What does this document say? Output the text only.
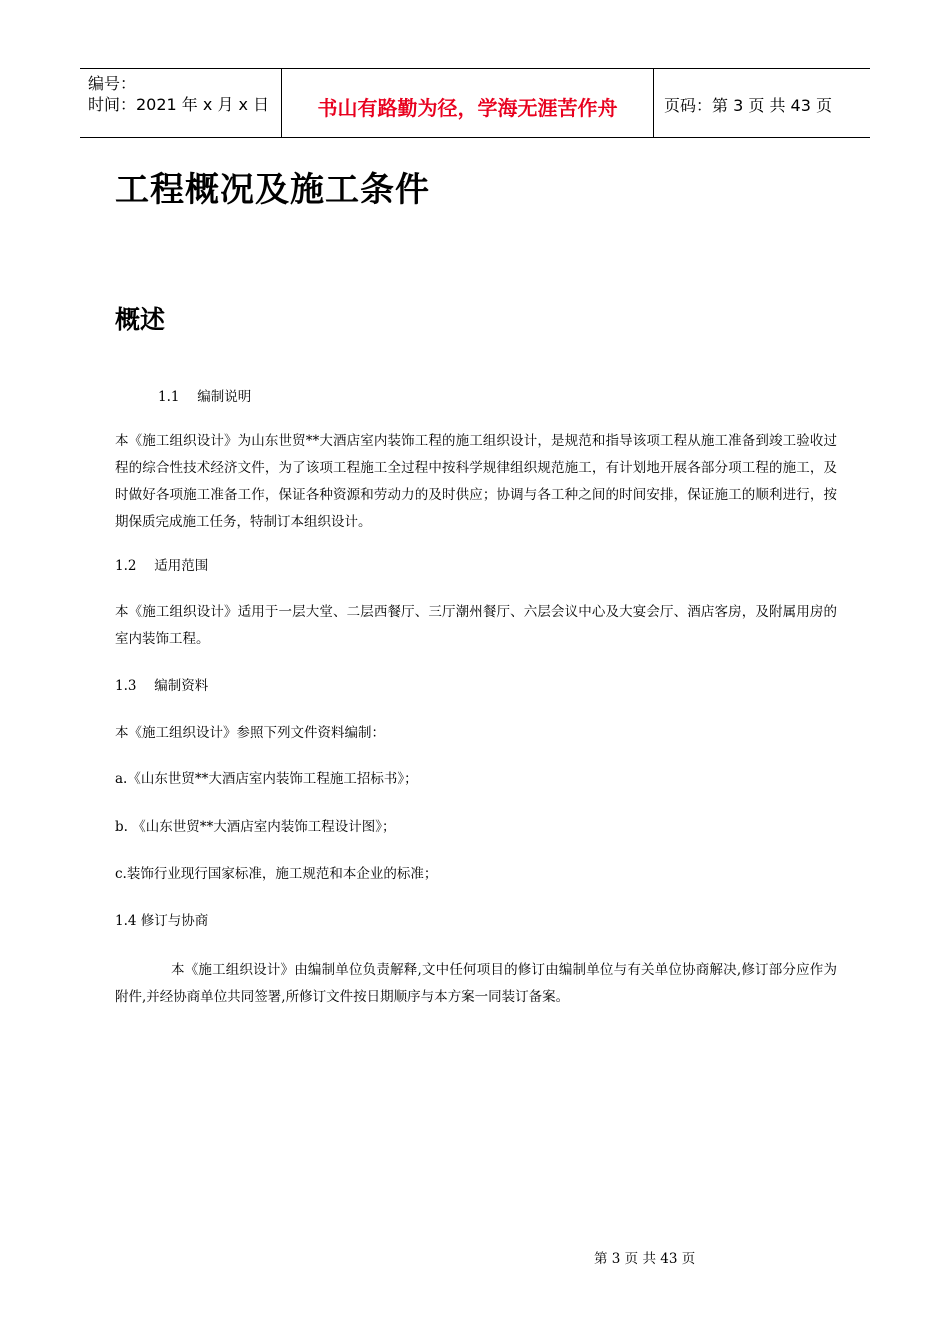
编号：
时间：2021 年 x 月 x 日	书山有路勤为径，学海无涯苦作舟	页码：第 3 页 共 43 页
工程概况及施工条件
概述

1.1　 编制说明

本《施工组织设计》为山东世贸**大酒店室内装饰工程的施工组织设计，是规范和指导该项工程从施工准备到竣工验收过程的综合性技术经济文件，为了该项工程施工全过程中按科学规律组织规范施工，有计划地开展各部分项工程的施工，及时做好各项施工准备工作，保证各种资源和劳动力的及时供应；协调与各工种之间的时间安排，保证施工的顺利进行，按期保质完成施工任务，特制订本组织设计。

1.2　 适用范围

本《施工组织设计》适用于一层大堂、二层西餐厅、三厅潮州餐厅、六层会议中心及大宴会厅、酒店客房，及附属用房的室内装饰工程。

1.3　 编制资料

本《施工组织设计》参照下列文件资料编制：

a.《山东世贸**大酒店室内装饰工程施工招标书》；

b. 《山东世贸**大酒店室内装饰工程设计图》；

c.装饰行业现行国家标准，施工规范和本企业的标准；

1.4 修订与协商

本《施工组织设计》由编制单位负责解释,文中任何项目的修订由编制单位与有关单位协商解决,修订部分应作为附件,并经协商单位共同签署,所修订文件按日期顺序与本方案一同装订备案。

第 3 页 共 43 页
